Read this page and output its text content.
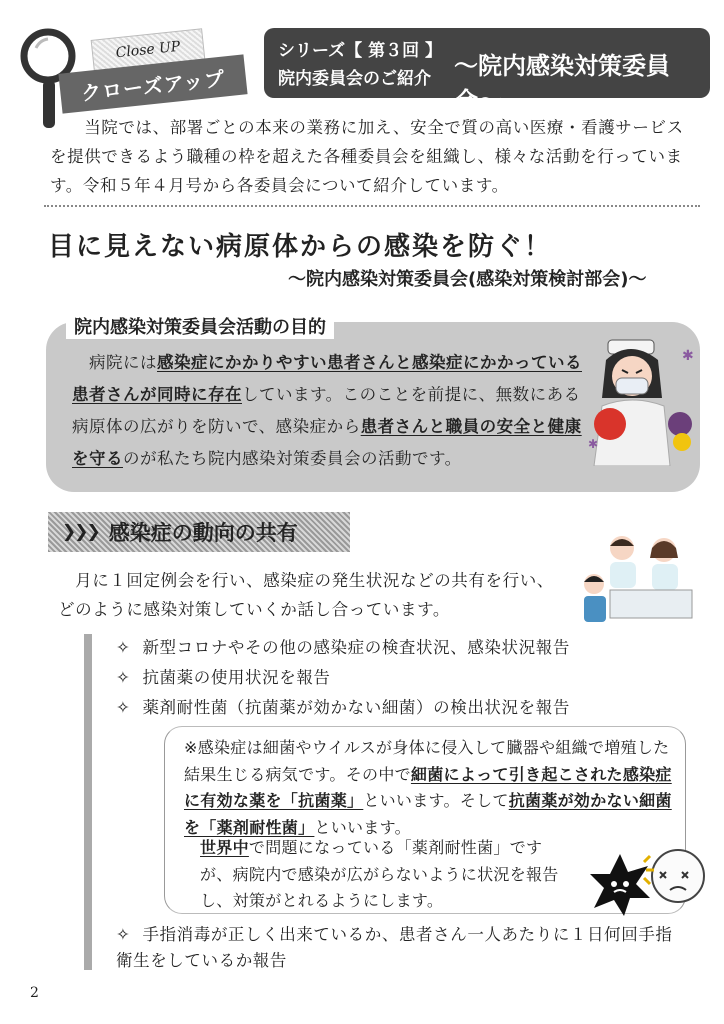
Close UP
クローズアップ
シリーズ【 第３回 】
院内委員会のご紹介 〜院内感染対策委員会〜
　　当院では、部署ごとの本来の業務に加え、安全で質の高い医療・看護サービスを提供できるよう職種の枠を超えた各種委員会を組織し、様々な活動を行っています。令和５年４月号から各委員会について紹介しています。
目に見えない病原体からの感染を防ぐ！
〜院内感染対策委員会(感染対策検討部会)〜
院内感染対策委員会活動の目的
　病院には感染症にかかりやすい患者さんと感染症にかかっている患者さんが同時に存在しています。このことを前提に、無数にある病原体の広がりを防いで、感染症から患者さんと職員の安全と健康を守るのが私たち院内感染対策委員会の活動です。
✱
✱
❯❯❯ 感染症の動向の共有
　月に１回定例会を行い、感染症の発生状況などの共有を行い、どのように感染対策していくか話し合っています。
✧ 新型コロナやその他の感染症の検査状況、感染状況報告
✧ 抗菌薬の使用状況を報告
✧ 薬剤耐性菌（抗菌薬が効かない細菌）の検出状況を報告
※感染症は細菌やウイルスが身体に侵入して臓器や組織で増殖した結果生じる病気です。その中で細菌によって引き起こされた感染症に有効な薬を「抗菌薬」といいます。そして抗菌薬が効かない細菌を「薬剤耐性菌」といいます。
世界中で問題になっている「薬剤耐性菌」ですが、病院内で感染が広がらないように状況を報告し、対策がとれるようにします。
✧ 手指消毒が正しく出来ているか、患者さん一人あたりに１日何回手指衛生をしているか報告
2
